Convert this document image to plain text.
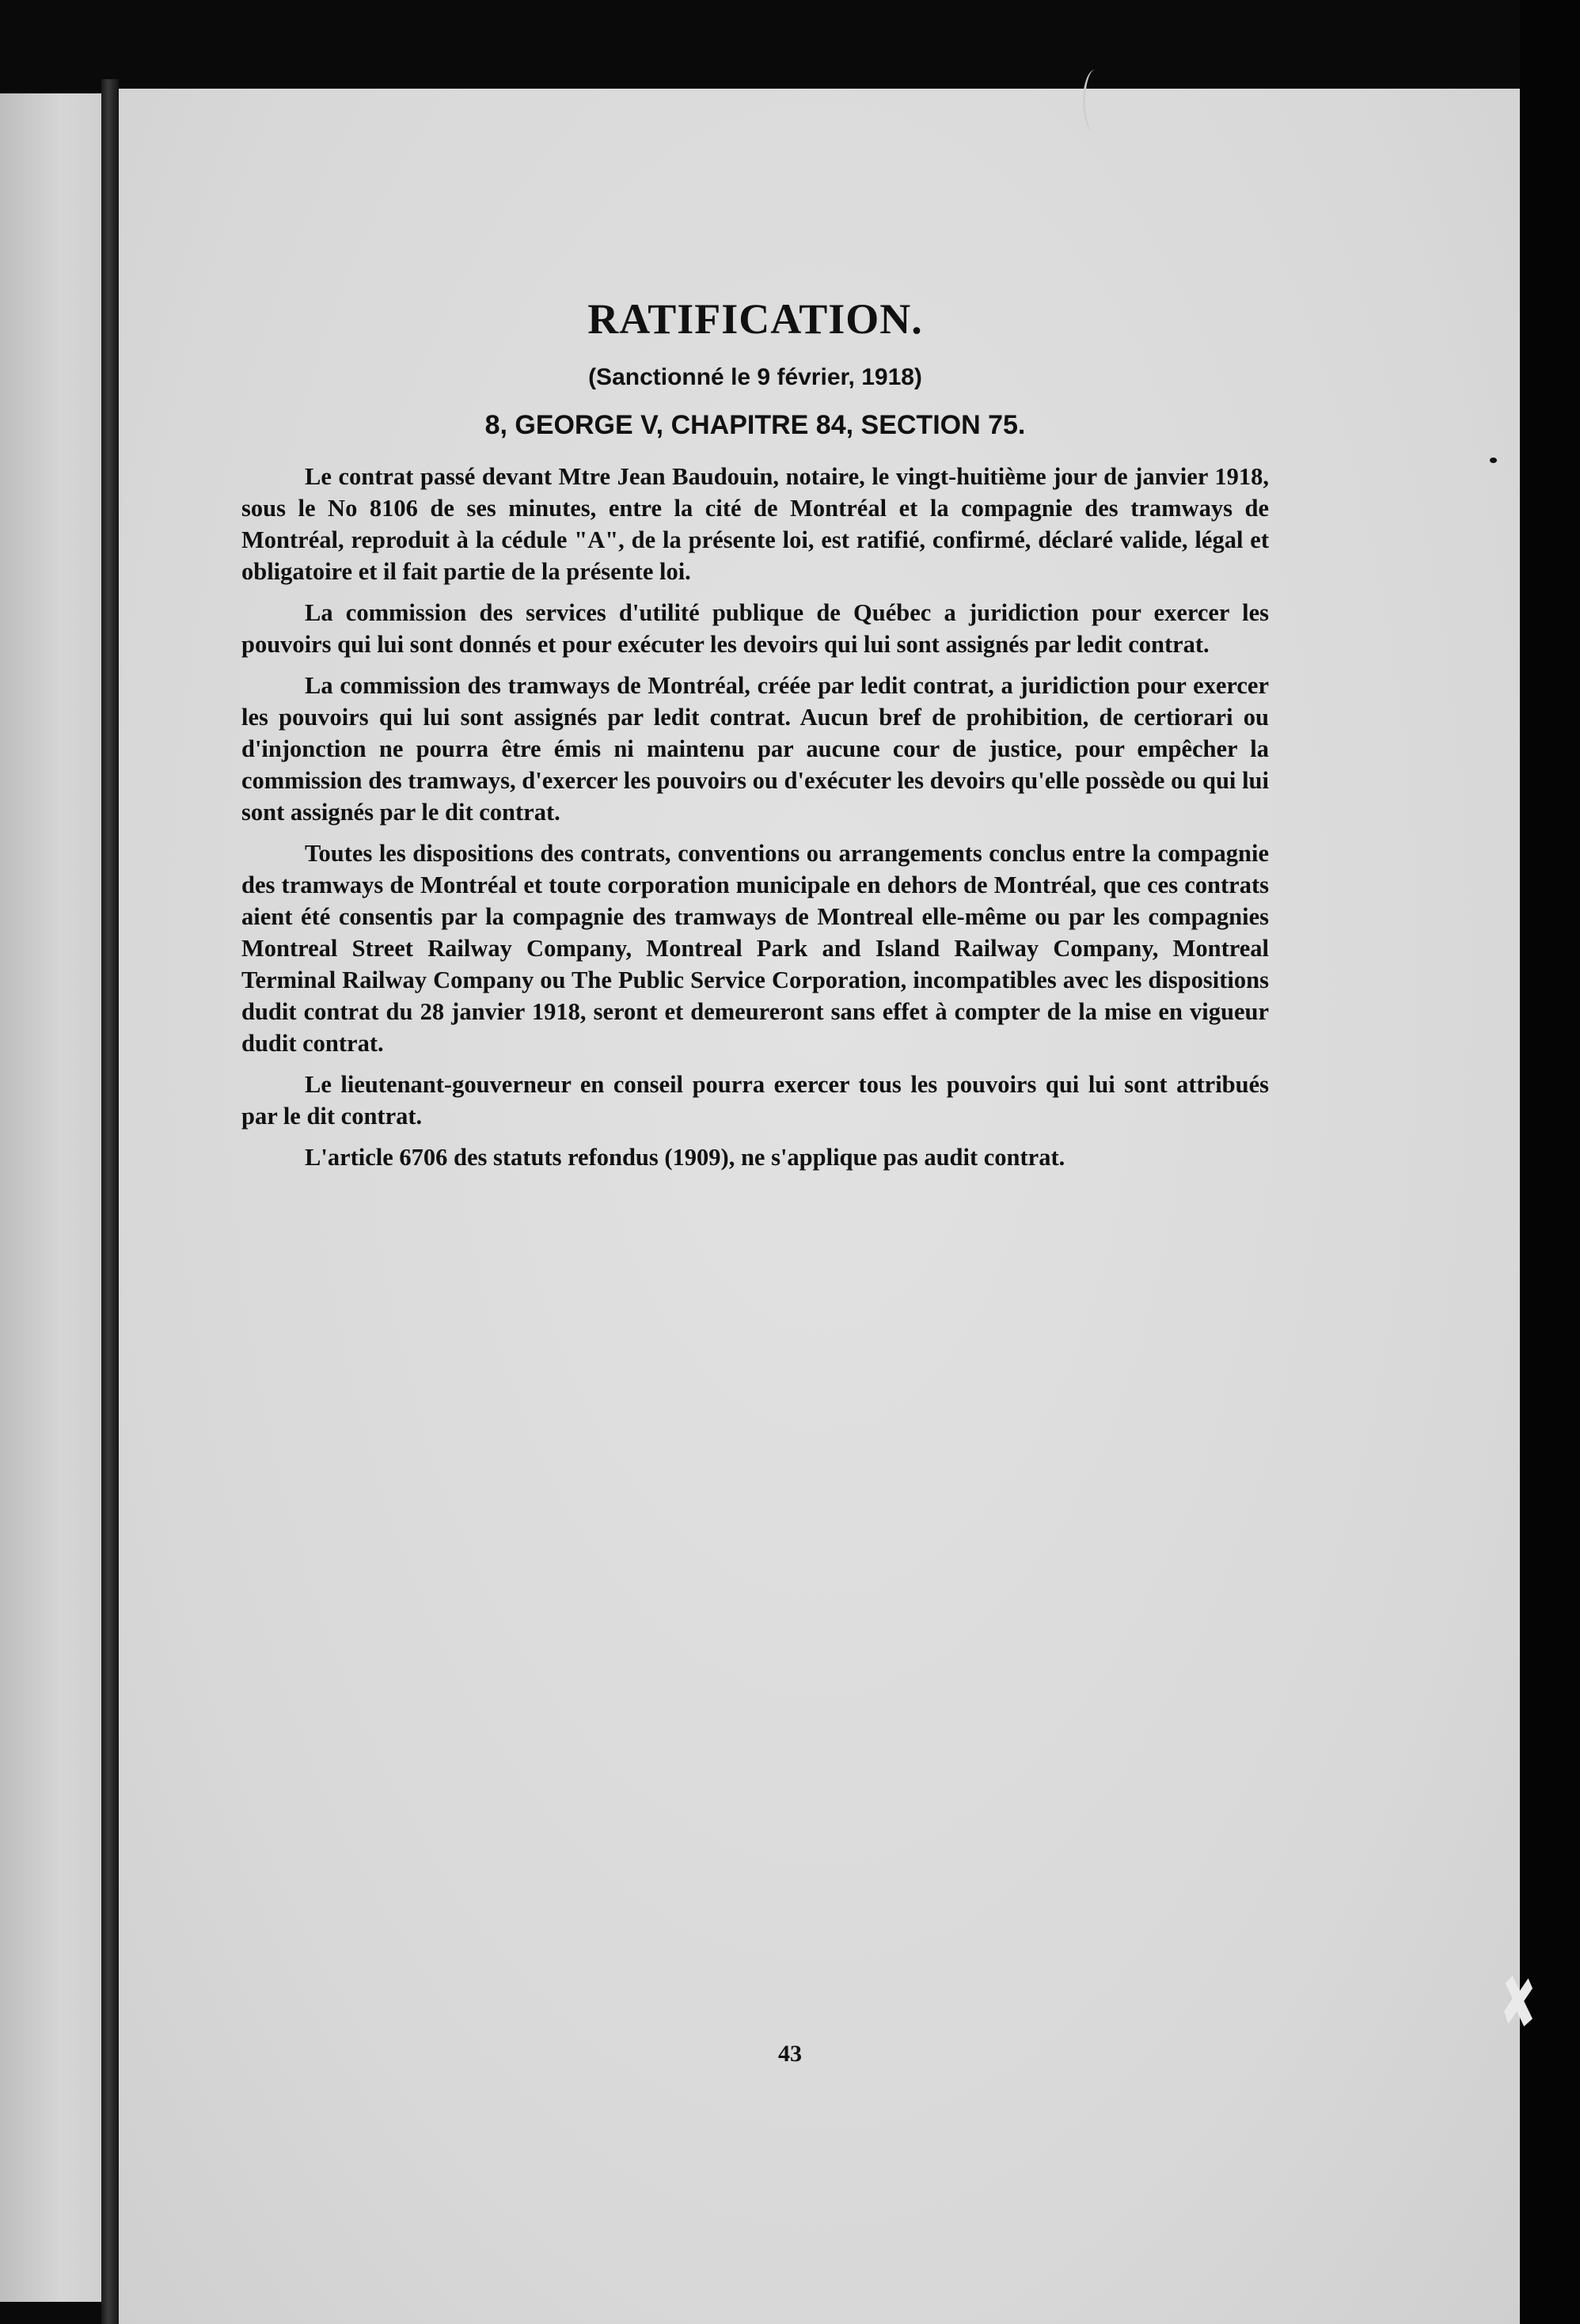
RATIFICATION.
(Sanctionné le 9 février, 1918)
8, GEORGE V, CHAPITRE 84, SECTION 75.

Le contrat passé devant Mtre Jean Baudouin, notaire, le vingt-huitième jour de janvier 1918, sous le No 8106 de ses minutes, entre la cité de Montréal et la compagnie des tramways de Montréal, reproduit à la cédule "A", de la présente loi, est ratifié, confirmé, déclaré valide, légal et obligatoire et il fait partie de la présente loi.

La commission des services d'utilité publique de Québec a juridiction pour exercer les pouvoirs qui lui sont donnés et pour exécuter les devoirs qui lui sont assignés par ledit contrat.

La commission des tramways de Montréal, créée par ledit contrat, a juridiction pour exercer les pouvoirs qui lui sont assignés par ledit contrat. Aucun bref de prohibition, de certiorari ou d'injonction ne pourra être émis ni maintenu par aucune cour de justice, pour empêcher la commission des tramways, d'exercer les pouvoirs ou d'exécuter les devoirs qu'elle possède ou qui lui sont assignés par le dit contrat.

Toutes les dispositions des contrats, conventions ou arrangements conclus entre la compagnie des tramways de Montréal et toute corporation municipale en dehors de Montréal, que ces contrats aient été consentis par la compagnie des tramways de Montreal elle-même ou par les compagnies Montreal Street Railway Company, Montreal Park and Island Railway Company, Montreal Terminal Railway Company ou The Public Service Corporation, incompatibles avec les dispositions dudit contrat du 28 janvier 1918, seront et demeureront sans effet à compter de la mise en vigueur dudit contrat.

Le lieutenant-gouverneur en conseil pourra exercer tous les pouvoirs qui lui sont attribués par le dit contrat.

L'article 6706 des statuts refondus (1909), ne s'applique pas audit contrat.

43
